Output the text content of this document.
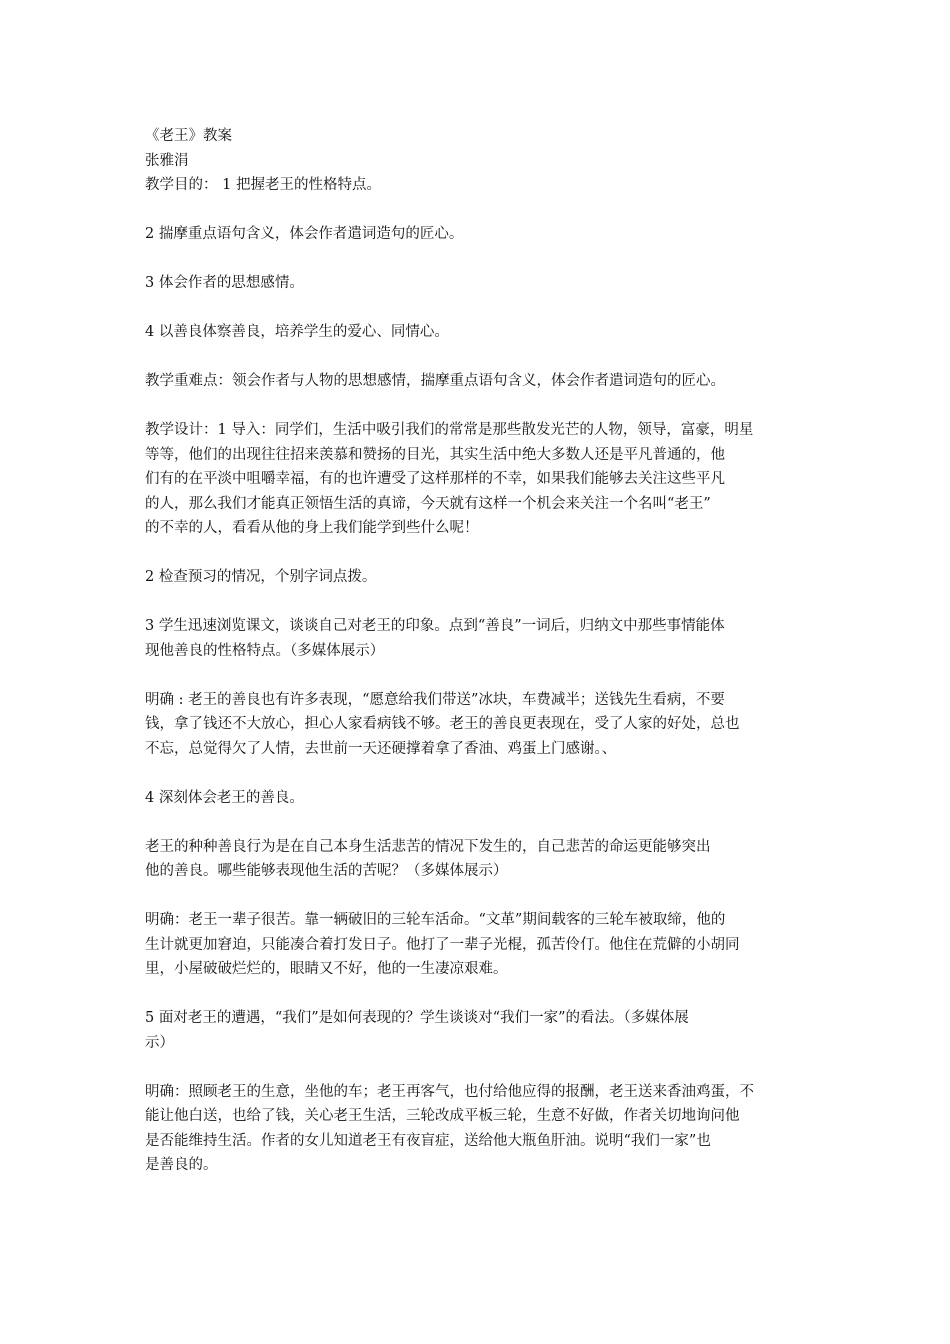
《老王》教案
张雅涓
教学目的： 1 把握老王的性格特点。
2 揣摩重点语句含义，体会作者遣词造句的匠心。
3 体会作者的思想感情。
4 以善良体察善良，培养学生的爱心、同情心。
教学重难点：领会作者与人物的思想感情，揣摩重点语句含义，体会作者遣词造句的匠心。
教学设计：1 导入：同学们，生活中吸引我们的常常是那些散发光芒的人物，领导，富豪，明星
等等，他们的出现往往招来羡慕和赞扬的目光，其实生活中绝大多数人还是平凡普通的，他
们有的在平淡中咀嚼幸福，有的也许遭受了这样那样的不幸，如果我们能够去关注这些平凡
的人，那么我们才能真正领悟生活的真谛，今天就有这样一个机会来关注一个名叫“老王”
的不幸的人，看看从他的身上我们能学到些什么呢！
2 检查预习的情况，个别字词点拨。
3 学生迅速浏览课文，谈谈自己对老王的印象。点到“善良”一词后，归纳文中那些事情能体
现他善良的性格特点。（多媒体展示）
明确 : 老王的善良也有许多表现，“愿意给我们带送”冰块，车费减半；送钱先生看病，不要
钱，拿了钱还不大放心，担心人家看病钱不够。老王的善良更表现在，受了人家的好处，总也
不忘，总觉得欠了人情，去世前一天还硬撑着拿了香油、鸡蛋上门感谢。、
4 深刻体会老王的善良。
老王的种种善良行为是在自己本身生活悲苦的情况下发生的，自己悲苦的命运更能够突出
他的善良。哪些能够表现他生活的苦呢？（多媒体展示）
明确：老王一辈子很苦。靠一辆破旧的三轮车活命。“文革”期间载客的三轮车被取缔，他的
生计就更加窘迫，只能凑合着打发日子。他打了一辈子光棍，孤苦伶仃。他住在荒僻的小胡同
里，小屋破破烂烂的，眼睛又不好，他的一生凄凉艰难。
5 面对老王的遭遇，“我们”是如何表现的？学生谈谈对“我们一家”的看法。（多媒体展
示）
明确：照顾老王的生意，坐他的车；老王再客气，也付给他应得的报酬，老王送来香油鸡蛋，不
能让他白送，也给了钱，关心老王生活，三轮改成平板三轮，生意不好做，作者关切地询问他
是否能维持生活。作者的女儿知道老王有夜盲症，送给他大瓶鱼肝油。说明“我们一家”也
是善良的。
